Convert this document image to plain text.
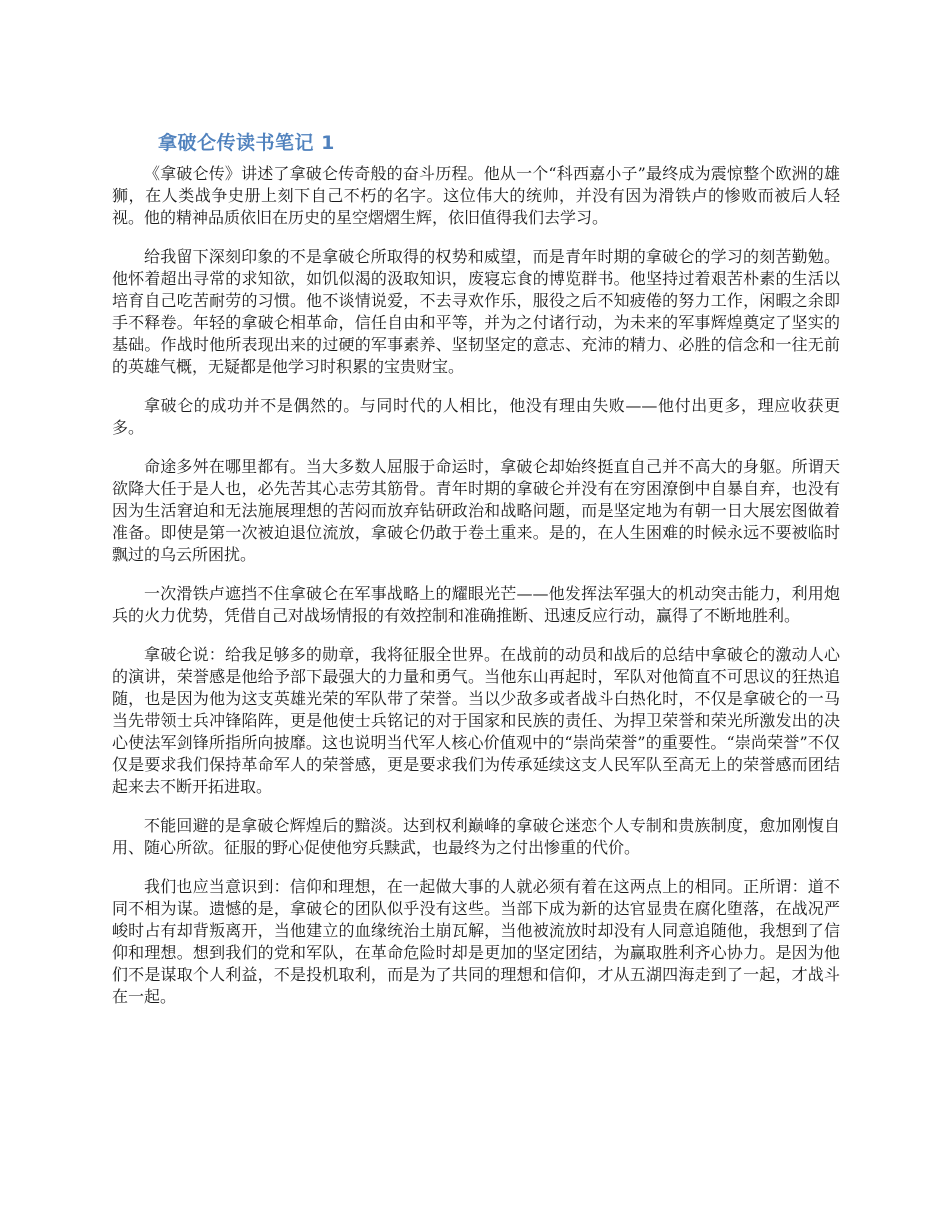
拿破仑传读书笔记 1

《拿破仑传》讲述了拿破仑传奇般的奋斗历程。他从一个“科西嘉小子”最终成为震惊整个欧洲的雄狮，在人类战争史册上刻下自己不朽的名字。这位伟大的统帅，并没有因为滑铁卢的惨败而被后人轻视。他的精神品质依旧在历史的星空熠熠生辉，依旧值得我们去学习。

给我留下深刻印象的不是拿破仑所取得的权势和威望，而是青年时期的拿破仑的学习的刻苦勤勉。他怀着超出寻常的求知欲，如饥似渴的汲取知识，废寝忘食的博览群书。他坚持过着艰苦朴素的生活以培育自己吃苦耐劳的习惯。他不谈情说爱，不去寻欢作乐，服役之后不知疲倦的努力工作，闲暇之余即手不释卷。年轻的拿破仑相革命，信任自由和平等，并为之付诸行动，为未来的军事辉煌奠定了坚实的基础。作战时他所表现出来的过硬的军事素养、坚韧坚定的意志、充沛的精力、必胜的信念和一往无前的英雄气概，无疑都是他学习时积累的宝贵财宝。

拿破仑的成功并不是偶然的。与同时代的人相比，他没有理由失败——他付出更多，理应收获更多。

命途多舛在哪里都有。当大多数人屈服于命运时，拿破仑却始终挺直自己并不高大的身躯。所谓天欲降大任于是人也，必先苦其心志劳其筋骨。青年时期的拿破仑并没有在穷困潦倒中自暴自弃，也没有因为生活窘迫和无法施展理想的苦闷而放弃钻研政治和战略问题，而是坚定地为有朝一日大展宏图做着准备。即使是第一次被迫退位流放，拿破仑仍敢于卷土重来。是的，在人生困难的时候永远不要被临时飘过的乌云所困扰。

一次滑铁卢遮挡不住拿破仑在军事战略上的耀眼光芒——他发挥法军强大的机动突击能力，利用炮兵的火力优势，凭借自己对战场情报的有效控制和准确推断、迅速反应行动，赢得了不断地胜利。

拿破仑说：给我足够多的勋章，我将征服全世界。在战前的动员和战后的总结中拿破仑的激动人心的演讲，荣誉感是他给予部下最强大的力量和勇气。当他东山再起时，军队对他简直不可思议的狂热追随，也是因为他为这支英雄光荣的军队带了荣誉。当以少敌多或者战斗白热化时，不仅是拿破仑的一马当先带领士兵冲锋陷阵，更是他使士兵铭记的对于国家和民族的责任、为捍卫荣誉和荣光所激发出的决心使法军剑锋所指所向披靡。这也说明当代军人核心价值观中的“崇尚荣誉”的重要性。“崇尚荣誉”不仅仅是要求我们保持革命军人的荣誉感，更是要求我们为传承延续这支人民军队至高无上的荣誉感而团结起来去不断开拓进取。

不能回避的是拿破仑辉煌后的黯淡。达到权利巅峰的拿破仑迷恋个人专制和贵族制度，愈加刚愎自用、随心所欲。征服的野心促使他穷兵黩武，也最终为之付出惨重的代价。

我们也应当意识到：信仰和理想，在一起做大事的人就必须有着在这两点上的相同。正所谓：道不同不相为谋。遗憾的是，拿破仑的团队似乎没有这些。当部下成为新的达官显贵在腐化堕落，在战况严峻时占有却背叛离开，当他建立的血缘统治土崩瓦解，当他被流放时却没有人同意追随他，我想到了信仰和理想。想到我们的党和军队，在革命危险时却是更加的坚定团结，为赢取胜利齐心协力。是因为他们不是谋取个人利益，不是投机取利，而是为了共同的理想和信仰，才从五湖四海走到了一起，才战斗在一起。
